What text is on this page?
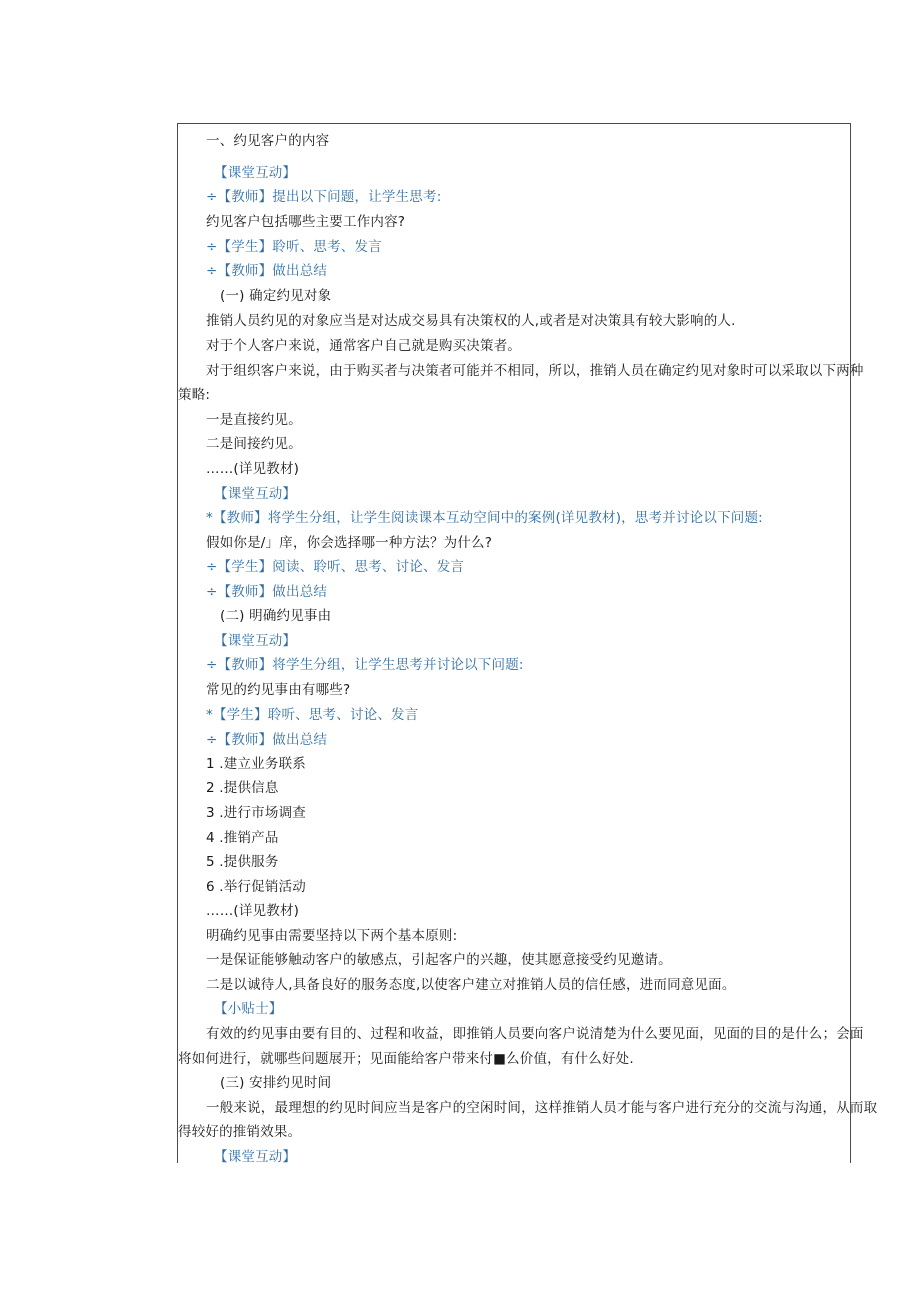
一、约见客户的内容
【课堂互动】
÷【教师】提出以下问题，让学生思考:
约见客户包括哪些主要工作内容?
÷【学生】聆听、思考、发言
÷【教师】做出总结
(一) 确定约见对象
推销人员约见的对象应当是对达成交易具有决策权的人,或者是对决策具有较大影响的人.
对于个人客户来说，通常客户自己就是购买决策者。
对于组织客户来说，由于购买者与决策者可能并不相同，所以，推销人员在确定约见对象时可以采取以下两种
策略:
一是直接约见。
二是间接约见。
……(详见教材)
【课堂互动】
*【教师】将学生分组，让学生阅读课本互动空间中的案例(详见教材)，思考并讨论以下问题:
假如你是/」庠，你会选择哪一种方法？为什么?
÷【学生】阅读、聆听、思考、讨论、发言
÷【教师】做出总结
(二) 明确约见事由
【课堂互动】
÷【教师】将学生分组，让学生思考并讨论以下问题:
常见的约见事由有哪些?
*【学生】聆听、思考、讨论、发言
÷【教师】做出总结
1 .建立业务联系
2 .提供信息
3 .进行市场调查
4 .推销产品
5 .提供服务
6 .举行促销活动
……(详见教材)
明确约见事由需要坚持以下两个基本原则:
一是保证能够触动客户的敏感点，引起客户的兴趣，使其愿意接受约见邀请。
二是以诚待人,具备良好的服务态度,以使客户建立对推销人员的信任感，进而同意见面。
【小贴士】
有效的约见事由要有目的、过程和收益，即推销人员要向客户说清楚为什么要见面，见面的目的是什么；会面
将如何进行，就哪些问题展开；见面能给客户带来付■么价值，有什么好处.
(三) 安排约见时间
一般来说，最理想的约见时间应当是客户的空闲时间，这样推销人员才能与客户进行充分的交流与沟通，从而取
得较好的推销效果。
【课堂互动】
